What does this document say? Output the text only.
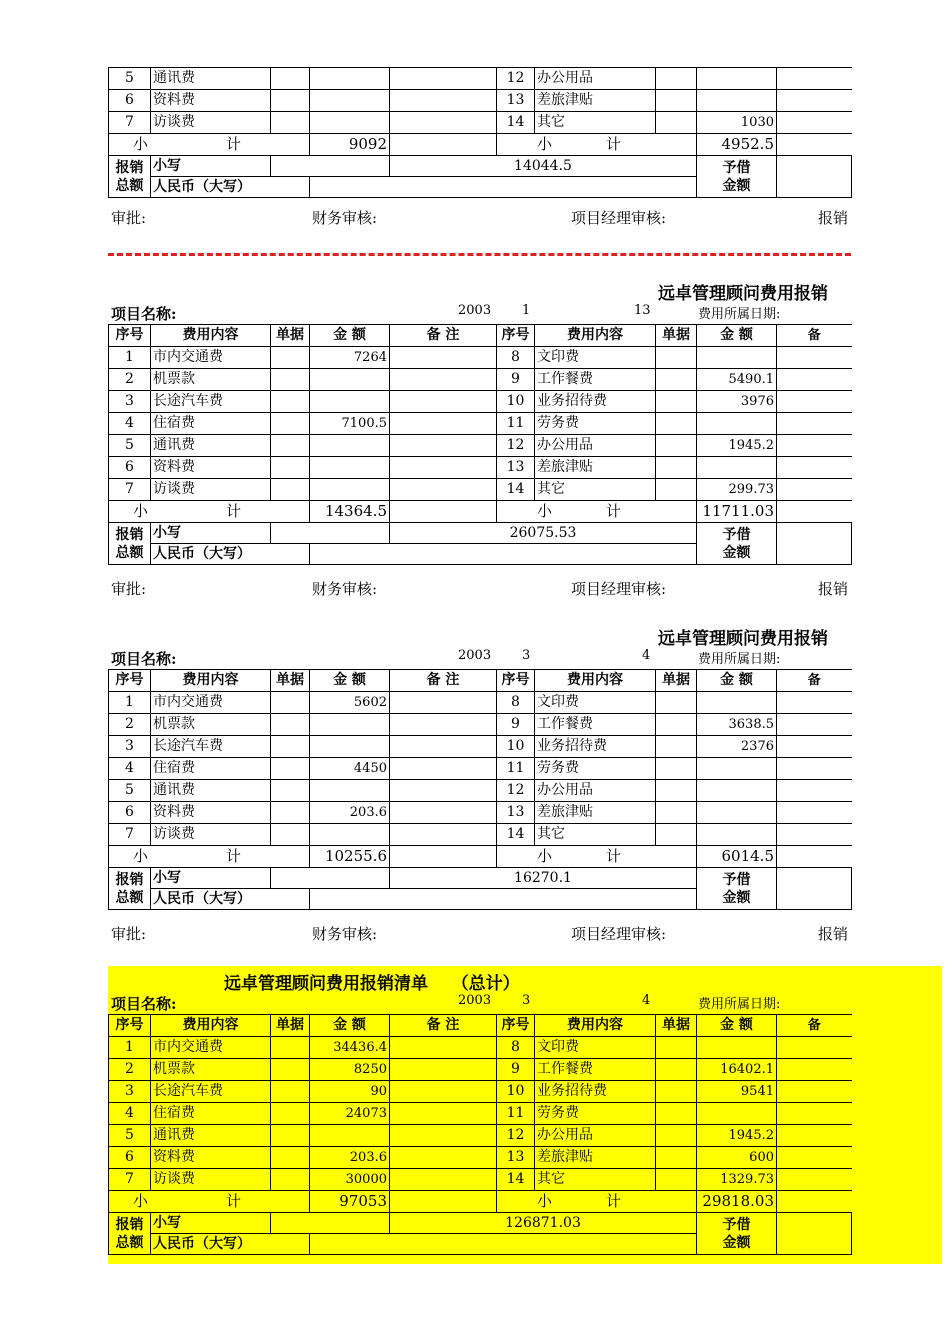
5	通讯费				12	办公用品				
6	资料费				13	差旅津贴				
7	访谈费				14	其它		1030		
小 计			9092		小 计			4952.5		
报销
总额	小写			14044.5				予借
金额		
	人民币（大写）		
审批:	财务审核:	项目经理审核:	报销
远卓管理顾问费用报销
项目名称:	2003 1	13	费用所属日期:
序号	费用内容	单据	金 额	备 注	序号	费用内容	单据	金 额	备	
1	市内交通费		7264		8	文印费				
2	机票款				9	工作餐费		5490.1		
3	长途汽车费				10	业务招待费		3976		
4	住宿费		7100.5		11	劳务费				
5	通讯费				12	办公用品		1945.2		
6	资料费				13	差旅津贴				
7	访谈费				14	其它		299.73		
小 计			14364.5		小 计			11711.03		
报销
总额	小写			26075.53				予借
金额		
	人民币（大写）		
审批:	财务审核:	项目经理审核:	报销
远卓管理顾问费用报销
项目名称:	2003 3	4	费用所属日期:
序号	费用内容	单据	金 额	备 注	序号	费用内容	单据	金 额	备	
1	市内交通费		5602		8	文印费				
2	机票款				9	工作餐费		3638.5		
3	长途汽车费				10	业务招待费		2376		
4	住宿费		4450		11	劳务费				
5	通讯费				12	办公用品				
6	资料费		203.6		13	差旅津贴				
7	访谈费				14	其它				
小 计			10255.6		小 计			6014.5		
报销
总额	小写			16270.1				予借
金额		
	人民币（大写）		
审批:	财务审核:	项目经理审核:	报销
远卓管理顾问费用报销清单 （总计）
项目名称:	2003 3	4	费用所属日期:
序号	费用内容	单据	金 额	备 注	序号	费用内容	单据	金 额	备	
1	市内交通费		34436.4		8	文印费				
2	机票款		8250		9	工作餐费		16402.1		
3	长途汽车费		90		10	业务招待费		9541		
4	住宿费		24073		11	劳务费				
5	通讯费				12	办公用品		1945.2		
6	资料费		203.6		13	差旅津贴		600		
7	访谈费		30000		14	其它		1329.73		
小 计			97053		小 计			29818.03		
报销
总额	小写			126871.03				予借
金额		
	人民币（大写）		
